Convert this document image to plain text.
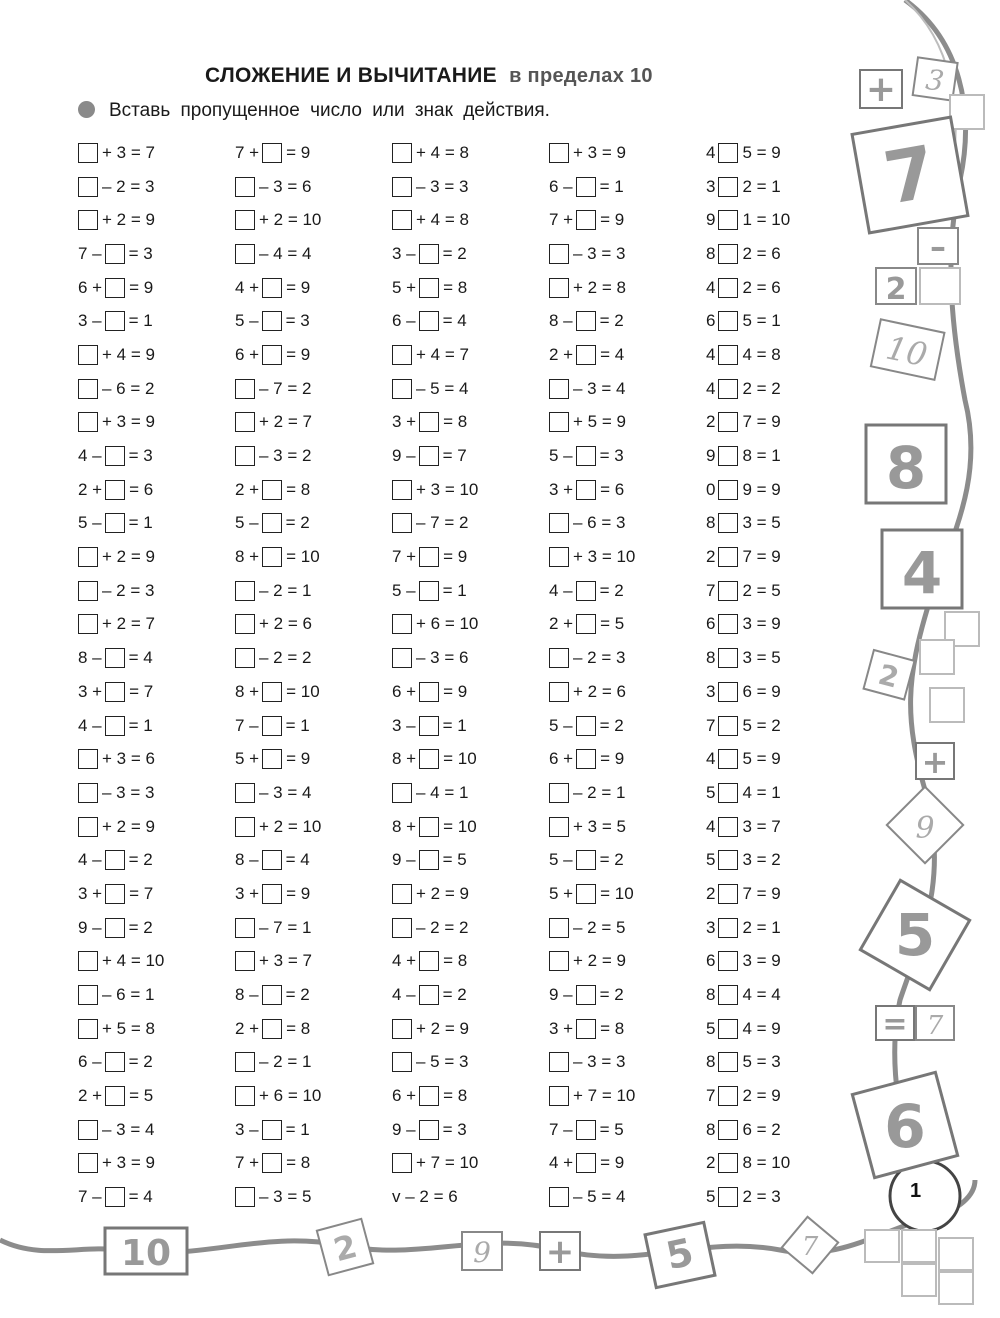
+ 3
7
–
2
10
8
4
2
+
9
5
= 7
6
10	2	9 + 5	7
СЛОЖЕНИЕ И ВЫЧИТАНИЕ в пределах 10
Вставь пропущенное число или знак действия.
+ 3 = 7	7 + = 9	+ 4 = 8	+ 3 = 9	4 5 = 9
– 2 = 3	– 3 = 6	– 3 = 3	6 – = 1	3 2 = 1
+ 2 = 9	+ 2 = 10	+ 4 = 8	7 + = 9	9 1 = 10
7 – = 3	– 4 = 4	3 – = 2	– 3 = 3	8 2 = 6
6 + = 9	4 + = 9	5 + = 8	+ 2 = 8	4 2 = 6
3 – = 1	5 – = 3	6 – = 4	8 – = 2	6 5 = 1
+ 4 = 9	6 + = 9	+ 4 = 7	2 + = 4	4 4 = 8
– 6 = 2	– 7 = 2	– 5 = 4	– 3 = 4	4 2 = 2
+ 3 = 9	+ 2 = 7	3 + = 8	+ 5 = 9	2 7 = 9
4 – = 3	– 3 = 2	9 – = 7	5 – = 3	9 8 = 1
2 + = 6	2 + = 8	+ 3 = 10	3 + = 6	0 9 = 9
5 – = 1	5 – = 2	– 7 = 2	– 6 = 3	8 3 = 5
+ 2 = 9	8 + = 10	7 + = 9	+ 3 = 10	2 7 = 9
– 2 = 3	– 2 = 1	5 – = 1	4 – = 2	7 2 = 5
+ 2 = 7	+ 2 = 6	+ 6 = 10	2 + = 5	6 3 = 9
8 – = 4	– 2 = 2	– 3 = 6	– 2 = 3	8 3 = 5
3 + = 7	8 + = 10	6 + = 9	+ 2 = 6	3 6 = 9
4 – = 1	7 – = 1	3 – = 1	5 – = 2	7 5 = 2
+ 3 = 6	5 + = 9	8 + = 10	6 + = 9	4 5 = 9
– 3 = 3	– 3 = 4	– 4 = 1	– 2 = 1	5 4 = 1
+ 2 = 9	+ 2 = 10	8 + = 10	+ 3 = 5	4 3 = 7
4 – = 2	8 – = 4	9 – = 5	5 – = 2	5 3 = 2
3 + = 7	3 + = 9	+ 2 = 9	5 + = 10	2 7 = 9
9 – = 2	– 7 = 1	– 2 = 2	– 2 = 5	3 2 = 1
+ 4 = 10	+ 3 = 7	4 + = 8	+ 2 = 9	6 3 = 9
– 6 = 1	8 – = 2	4 – = 2	9 – = 2	8 4 = 4
+ 5 = 8	2 + = 8	+ 2 = 9	3 + = 8	5 4 = 9
6 – = 2	– 2 = 1	– 5 = 3	– 3 = 3	8 5 = 3
2 + = 5	+ 6 = 10	6 + = 8	+ 7 = 10	7 2 = 9
– 3 = 4	3 – = 1	9 – = 3	7 – = 5	8 6 = 2
+ 3 = 9	7 + = 8	+ 7 = 10	4 + = 9	2 8 = 10
7 – = 4	– 3 = 5	v – 2 = 6	– 5 = 4	5 2 = 3	1
